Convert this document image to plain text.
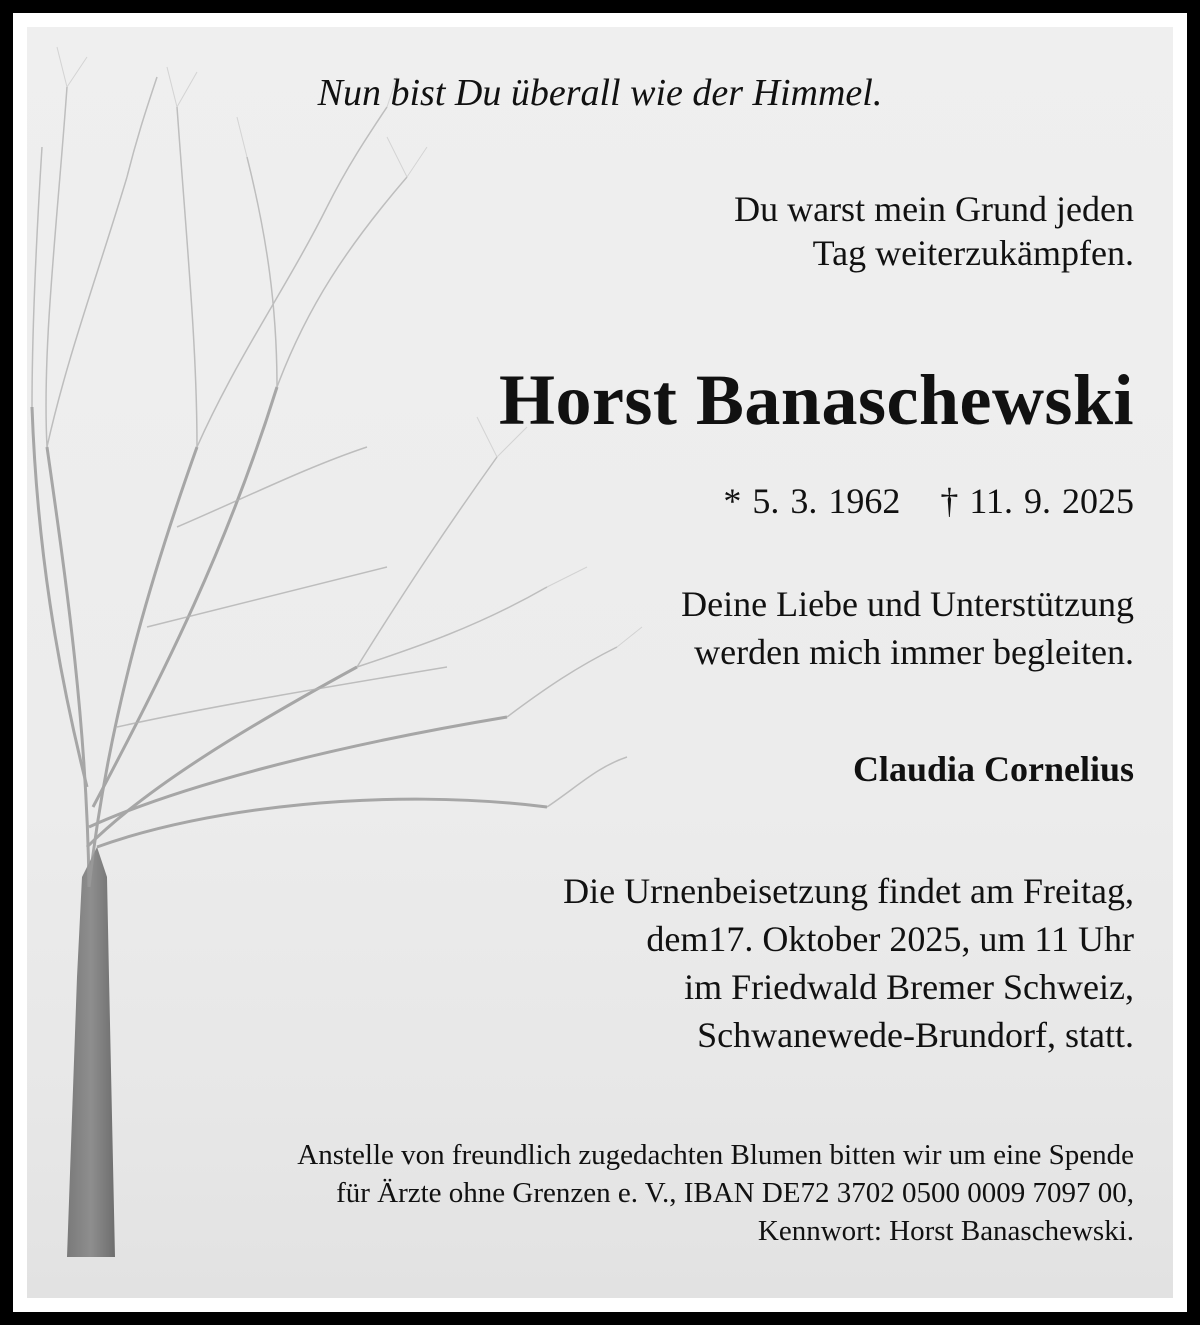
Nun bist Du überall wie der Himmel.
Du warst mein Grund jeden
Tag weiterzukämpfen.
Horst Banaschewski
* 5. 3. 1962 † 11. 9. 2025
Deine Liebe und Unterstützung
werden mich immer begleiten.
Claudia Cornelius
Die Urnenbeisetzung findet am Freitag,
dem17. Oktober 2025, um 11 Uhr
im Friedwald Bremer Schweiz,
Schwanewede-Brundorf, statt.
Anstelle von freundlich zugedachten Blumen bitten wir um eine Spende
für Ärzte ohne Grenzen e. V., IBAN DE72 3702 0500 0009 7097 00,
Kennwort: Horst Banaschewski.
